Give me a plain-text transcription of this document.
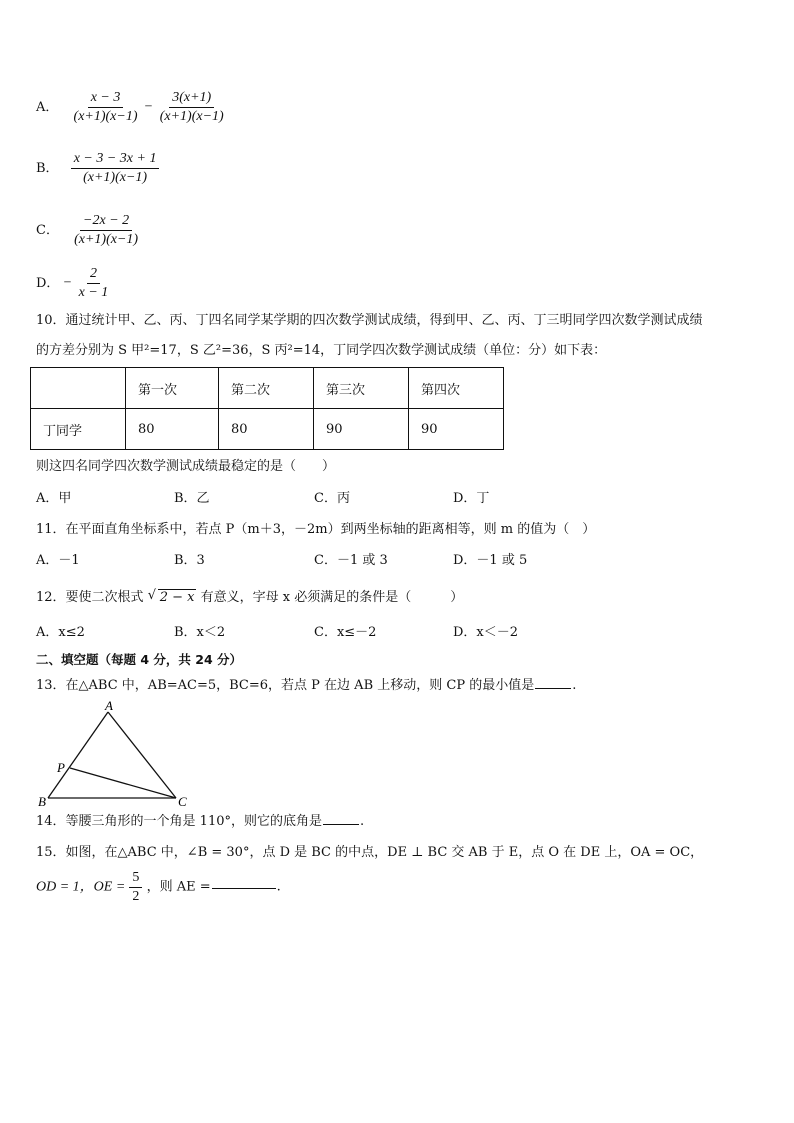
A． $\frac{x - 3}{(x+1)(x-1)} - \frac{3(x+1)}{(x+1)(x-1)}$
B． $\frac{x - 3 - 3x + 1}{(x+1)(x-1)}$
C． $\frac{-2x - 2}{(x+1)(x-1)}$
D． − $\frac{2}{x - 1}$
10．通过统计甲、乙、丙、丁四名同学某学期的四次数学测试成绩，得到甲、乙、丙、丁三明同学四次数学测试成绩
的方差分别为 S 甲²=17，S 乙²=36，S 丙²=14，丁同学四次数学测试成绩（单位：分）如下表：
	第一次	第二次	第三次	第四次
丁同学	80	80	90	90
则这四名同学四次数学测试成绩最稳定的是（　　）
A．甲	B．乙	C．丙	D．丁
11．在平面直角坐标系中，若点 P（m＋3，－2m）到两坐标轴的距离相等，则 m 的值为（　）
A．－1	B．3	C．－1 或 3	D．－1 或 5
12．要使二次根式 √ 2 − x 有意义，字母 x 必须满足的条件是（　　　）
A．x≤2	B．x＜2	C．x≤－2	D．x＜－2
二、填空题（每题 4 分，共 24 分）
13．在△ABC 中，AB=AC=5，BC=6，若点 P 在边 AB 上移动，则 CP 的最小值是	.
A
B	C
P
14．等腰三角形的一个角是 110°，则它的底角是	.
15．如图，在△ABC 中，∠B = 30°，点 D 是 BC 的中点，DE ⊥ BC 交 AB 于 E，点 O 在 DE 上，OA = OC，
OD = 1，OE = $\frac{5}{2}$ ，则 AE =	.
